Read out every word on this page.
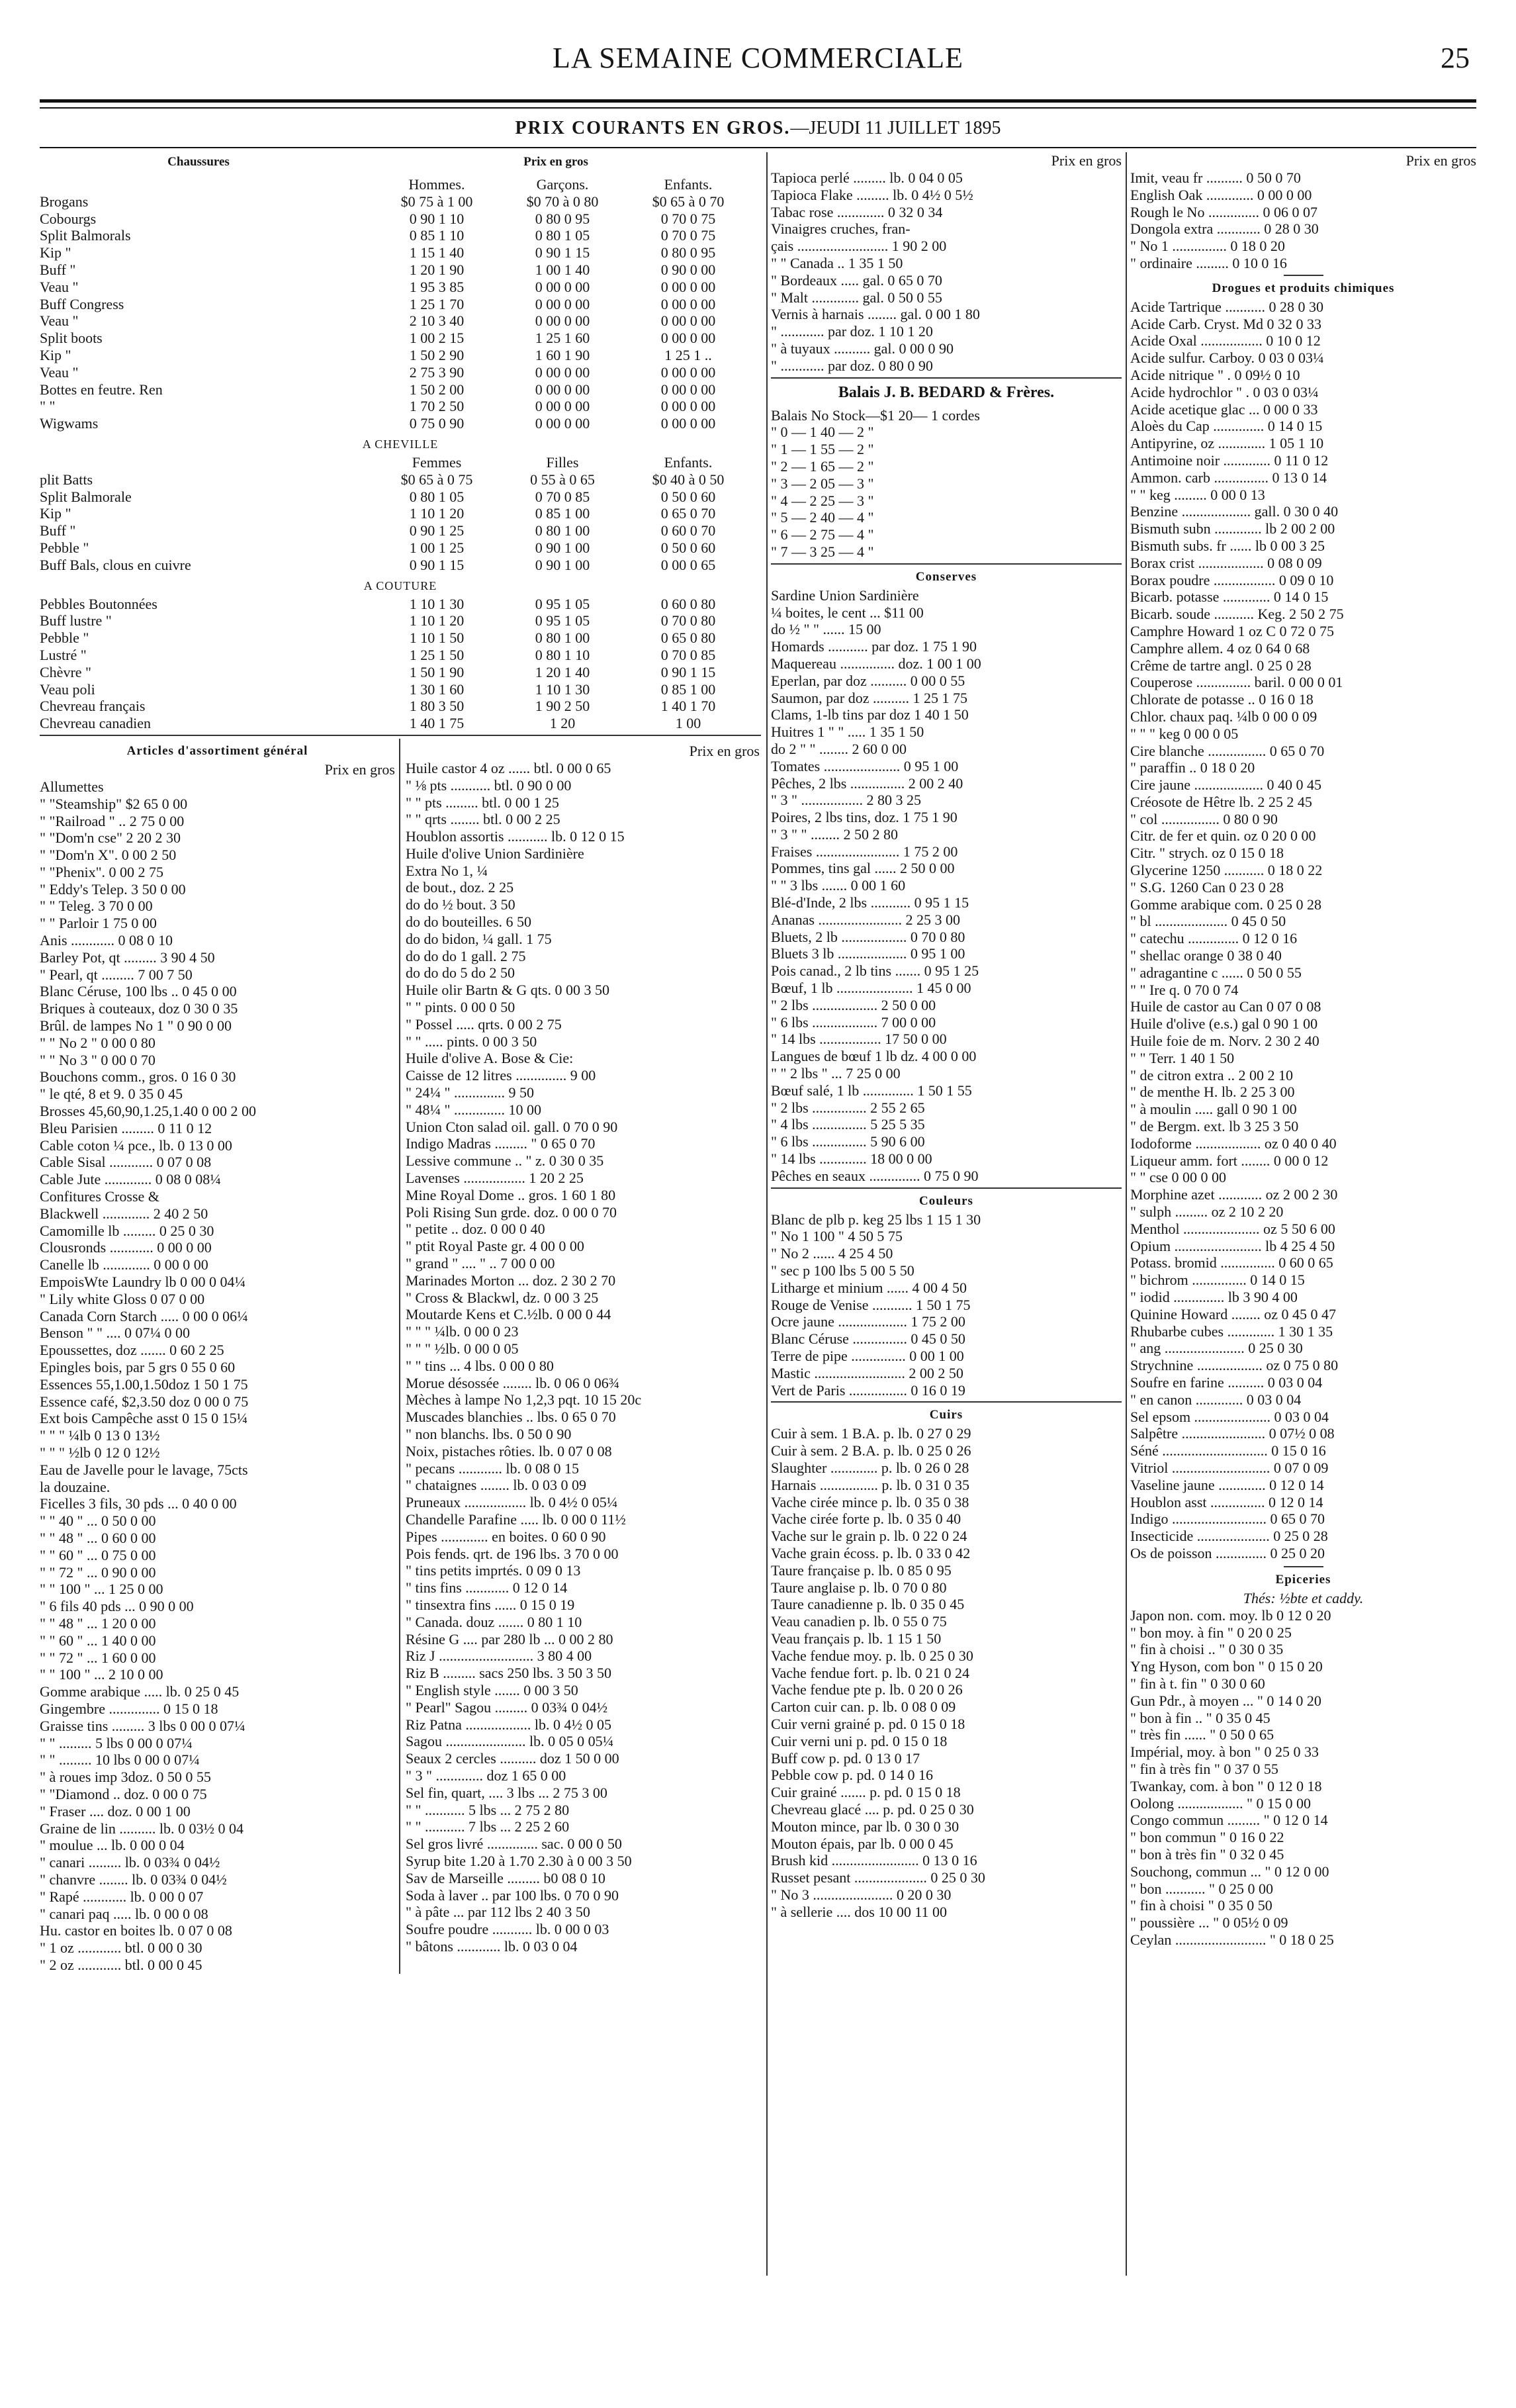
LA SEMAINE COMMERCIALE	25
PRIX COURANTS EN GROS.—JEUDI 11 JUILLET 1895
Chaussures	Prix en gros
Hommes.	Garçons.	Enfants.
Brogans	$0 75 à 1 00	$0 70 à 0 80	$0 65 à 0 70
Cobourgs	0 90 1 10	0 80 0 95	0 70 0 75
Split Balmorals	0 85 1 10	0 80 1 05	0 70 0 75
Kip "	1 15 1 40	0 90 1 15	0 80 0 95
Buff "	1 20 1 90	1 00 1 40	0 90 0 00
Veau "	1 95 3 85	0 00 0 00	0 00 0 00
Buff Congress	1 25 1 70	0 00 0 00	0 00 0 00
Veau "	2 10 3 40	0 00 0 00	0 00 0 00
Split boots	1 00 2 15	1 25 1 60	0 00 0 00
Kip "	1 50 2 90	1 60 1 90	1 25 1 ..
Veau "	2 75 3 90	0 00 0 00	0 00 0 00
Bottes en feutre. Ren	1 50 2 00	0 00 0 00	0 00 0 00
" "	1 70 2 50	0 00 0 00	0 00 0 00
Wigwams	0 75 0 90	0 00 0 00	0 00 0 00
A CHEVILLE
Femmes	Filles	Enfants.
plit Batts	$0 65 à 0 75	0 55 à 0 65	$0 40 à 0 50
Split Balmorale	0 80 1 05	0 70 0 85	0 50 0 60
Kip "	1 10 1 20	0 85 1 00	0 65 0 70
Buff "	0 90 1 25	0 80 1 00	0 60 0 70
Pebble "	1 00 1 25	0 90 1 00	0 50 0 60
Buff Bals, clous en cuivre	0 90 1 15	0 90 1 00	0 00 0 65
A COUTURE
Pebbles Boutonnées	1 10 1 30	0 95 1 05	0 60 0 80
Buff lustre "	1 10 1 20	0 95 1 05	0 70 0 80
Pebble "	1 10 1 50	0 80 1 00	0 65 0 80
Lustré "	1 25 1 50	0 80 1 10	0 70 0 85
Chèvre "	1 50 1 90	1 20 1 40	0 90 1 15
Veau poli	1 30 1 60	1 10 1 30	0 85 1 00
Chevreau français	1 80 3 50	1 90 2 50	1 40 1 70
Chevreau canadien	1 40 1 75	1 20	1 00
Articles d'assortiment général
Prix en gros
Allumettes
" "Steamship" $2 65 0 00
" "Railroad " .. 2 75 0 00
" "Dom'n cse" 2 20 2 30
" "Dom'n X". 0 00 2 50
" "Phenix". 0 00 2 75
" Eddy's Telep. 3 50 0 00
" " Teleg. 3 70 0 00
" " Parloir 1 75 0 00
Anis ............ 0 08 0 10
Barley Pot, qt ......... 3 90 4 50
" Pearl, qt ......... 7 00 7 50
Blanc Céruse, 100 lbs .. 0 45 0 00
Briques à couteaux, doz 0 30 0 35
Brûl. de lampes No 1 " 0 90 0 00
" " No 2 " 0 00 0 80
" " No 3 " 0 00 0 70
Bouchons comm., gros. 0 16 0 30
" le qté, 8 et 9. 0 35 0 45
Brosses 45,60,90,1.25,1.40 0 00 2 00
Bleu Parisien ......... 0 11 0 12
Cable coton ¼ pce., lb. 0 13 0 00
Cable Sisal ............ 0 07 0 08
Cable Jute ............. 0 08 0 08¼
Confitures Crosse &
Blackwell ............. 2 40 2 50
Camomille lb ......... 0 25 0 30
Clousronds ............ 0 00 0 00
Canelle lb ............. 0 00 0 00
EmpoisWte Laundry lb 0 00 0 04¼
" Lily white Gloss 0 07 0 00
Canada Corn Starch ..... 0 00 0 06¼
Benson " " .... 0 07¼ 0 00
Epoussettes, doz ....... 0 60 2 25
Epingles bois, par 5 grs 0 55 0 60
Essences 55,1.00,1.50doz 1 50 1 75
Essence café, $2,3.50 doz 0 00 0 75
Ext bois Campêche asst 0 15 0 15¼
" " " ¼lb 0 13 0 13½
" " " ½lb 0 12 0 12½
Eau de Javelle pour le lavage, 75cts
la douzaine.
Ficelles 3 fils, 30 pds ... 0 40 0 00
" " 40 " ... 0 50 0 00
" " 48 " ... 0 60 0 00
" " 60 " ... 0 75 0 00
" " 72 " ... 0 90 0 00
" " 100 " ... 1 25 0 00
" 6 fils 40 pds ... 0 90 0 00
" " 48 " ... 1 20 0 00
" " 60 " ... 1 40 0 00
" " 72 " ... 1 60 0 00
" " 100 " ... 2 10 0 00
Gomme arabique ..... lb. 0 25 0 45
Gingembre .............. 0 15 0 18
Graisse tins ......... 3 lbs 0 00 0 07¼
" " ......... 5 lbs 0 00 0 07¼
" " ......... 10 lbs 0 00 0 07¼
" à roues imp 3doz. 0 50 0 55
" "Diamond .. doz. 0 00 0 75
" Fraser .... doz. 0 00 1 00
Graine de lin .......... lb. 0 03½ 0 04
" moulue ... lb. 0 00 0 04
" canari ......... lb. 0 03¾ 0 04½
" chanvre ........ lb. 0 03¾ 0 04½
" Rapé ............ lb. 0 00 0 07
" canari paq ..... lb. 0 00 0 08
Hu. castor en boites lb. 0 07 0 08
" 1 oz ............ btl. 0 00 0 30
" 2 oz ............ btl. 0 00 0 45
Prix en gros
Huile castor 4 oz ...... btl. 0 00 0 65
" ⅛ pts ........... btl. 0 90 0 00
" " pts ......... btl. 0 00 1 25
" " qrts ........ btl. 0 00 2 25
Houblon assortis ........... lb. 0 12 0 15
Huile d'olive Union Sardinière
Extra No 1, ¼
de bout., doz. 2 25
do do ½ bout. 3 50
do do bouteilles. 6 50
do do bidon, ¼ gall. 1 75
do do do 1 gall. 2 75
do do do 5 do 2 50
Huile olir Bartn & G qts. 0 00 3 50
" " pints. 0 00 0 50
" Possel ..... qrts. 0 00 2 75
" " ..... pints. 0 00 3 50
Huile d'olive A. Bose & Cie:
Caisse de 12 litres .............. 9 00
" 24¼ " .............. 9 50
" 48¼ " .............. 10 00
Union Cton salad oil. gall. 0 70 0 90
Indigo Madras ......... " 0 65 0 70
Lessive commune .. " z. 0 30 0 35
Lavenses ................. 1 20 2 25
Mine Royal Dome .. gros. 1 60 1 80
Poli Rising Sun grde. doz. 0 00 0 70
" petite .. doz. 0 00 0 40
" ptit Royal Paste gr. 4 00 0 00
" grand " .... " .. 7 00 0 00
Marinades Morton ... doz. 2 30 2 70
" Cross & Blackwl, dz. 0 00 3 25
Moutarde Kens et C.½lb. 0 00 0 44
" " " ¼lb. 0 00 0 23
" " " ½lb. 0 00 0 05
" " tins ... 4 lbs. 0 00 0 80
Morue désossée ........ lb. 0 06 0 06¾
Mèches à lampe No 1,2,3 pqt. 10 15 20c
Muscades blanchies .. lbs. 0 65 0 70
" non blanchs. lbs. 0 50 0 90
Noix, pistaches rôties. lb. 0 07 0 08
" pecans ............ lb. 0 08 0 15
" chataignes ........ lb. 0 03 0 09
Pruneaux ................. lb. 0 4½ 0 05¼
Chandelle Parafine ..... lb. 0 00 0 11½
Pipes ............. en boites. 0 60 0 90
Pois fends. qrt. de 196 lbs. 3 70 0 00
" tins petits imprtés. 0 09 0 13
" tins fins ............ 0 12 0 14
" tinsextra fins ...... 0 15 0 19
" Canada. douz ....... 0 80 1 10
Résine G .... par 280 lb ... 0 00 2 80
Riz J .......................... 3 80 4 00
Riz B ......... sacs 250 lbs. 3 50 3 50
" English style ....... 0 00 3 50
" Pearl" Sagou ......... 0 03¾ 0 04½
Riz Patna .................. lb. 0 4½ 0 05
Sagou ...................... lb. 0 05 0 05¼
Seaux 2 cercles .......... doz 1 50 0 00
" 3 " ............. doz 1 65 0 00
Sel fin, quart, .... 3 lbs ... 2 75 3 00
" " ........... 5 lbs ... 2 75 2 80
" " ........... 7 lbs ... 2 25 2 60
Sel gros livré .............. sac. 0 00 0 50
Syrup bite 1.20 à 1.70 2.30 à 0 00 3 50
Sav de Marseille ......... b0 08 0 10
Soda à laver .. par 100 lbs. 0 70 0 90
" à pâte ... par 112 lbs 2 40 3 50
Soufre poudre ........... lb. 0 00 0 03
" bâtons ............ lb. 0 03 0 04
Prix en gros
Tapioca perlé ......... lb. 0 04 0 05
Tapioca Flake ......... lb. 0 4½ 0 5½
Tabac rose ............. 0 32 0 34
Vinaigres cruches, fran-
çais ......................... 1 90 2 00
" " Canada .. 1 35 1 50
" Bordeaux ..... gal. 0 65 0 70
" Malt ............. gal. 0 50 0 55
Vernis à harnais ........ gal. 0 00 1 80
" ............ par doz. 1 10 1 20
" à tuyaux .......... gal. 0 00 0 90
" ............ par doz. 0 80 0 90
Balais J. B. BEDARD & Frères.
Balais No Stock—$1 20— 1 cordes
" 0 — 1 40 — 2 "
" 1 — 1 55 — 2 "
" 2 — 1 65 — 2 "
" 3 — 2 05 — 3 "
" 4 — 2 25 — 3 "
" 5 — 2 40 — 4 "
" 6 — 2 75 — 4 "
" 7 — 3 25 — 4 "
Conserves
Sardine Union Sardinière
¼ boites, le cent ... $11 00
do ½ " " ...... 15 00
Homards ........... par doz. 1 75 1 90
Maquereau ............... doz. 1 00 1 00
Eperlan, par doz .......... 0 00 0 55
Saumon, par doz .......... 1 25 1 75
Clams, 1-lb tins par doz 1 40 1 50
Huitres 1 " " ..... 1 35 1 50
do 2 " " ........ 2 60 0 00
Tomates ..................... 0 95 1 00
Pêches, 2 lbs ............... 2 00 2 40
" 3 " ................. 2 80 3 25
Poires, 2 lbs tins, doz. 1 75 1 90
" 3 " " ........ 2 50 2 80
Fraises ....................... 1 75 2 00
Pommes, tins gal ...... 2 50 0 00
" " 3 lbs ....... 0 00 1 60
Blé-d'Inde, 2 lbs ........... 0 95 1 15
Ananas ....................... 2 25 3 00
Bluets, 2 lb .................. 0 70 0 80
Bluets 3 lb ................... 0 95 1 00
Pois canad., 2 lb tins ....... 0 95 1 25
Bœuf, 1 lb ..................... 1 45 0 00
" 2 lbs .................. 2 50 0 00
" 6 lbs .................. 7 00 0 00
" 14 lbs ................. 17 50 0 00
Langues de bœuf 1 lb dz. 4 00 0 00
" " 2 lbs " ... 7 25 0 00
Bœuf salé, 1 lb .............. 1 50 1 55
" 2 lbs ............... 2 55 2 65
" 4 lbs ............... 5 25 5 35
" 6 lbs ............... 5 90 6 00
" 14 lbs ............. 18 00 0 00
Pêches en seaux .............. 0 75 0 90
Couleurs
Blanc de plb p. keg 25 lbs 1 15 1 30
" No 1 100 " 4 50 5 75
" No 2 ...... 4 25 4 50
" sec p 100 lbs 5 00 5 50
Litharge et minium ...... 4 00 4 50
Rouge de Venise ........... 1 50 1 75
Ocre jaune ................... 1 75 2 00
Blanc Céruse ............... 0 45 0 50
Terre de pipe ............... 0 00 1 00
Mastic ......................... 2 00 2 50
Vert de Paris ................ 0 16 0 19
Cuirs
Cuir à sem. 1 B.A. p. lb. 0 27 0 29
Cuir à sem. 2 B.A. p. lb. 0 25 0 26
Slaughter ............. p. lb. 0 26 0 28
Harnais ................ p. lb. 0 31 0 35
Vache cirée mince p. lb. 0 35 0 38
Vache cirée forte p. lb. 0 35 0 40
Vache sur le grain p. lb. 0 22 0 24
Vache grain écoss. p. lb. 0 33 0 42
Taure française p. lb. 0 85 0 95
Taure anglaise p. lb. 0 70 0 80
Taure canadienne p. lb. 0 35 0 45
Veau canadien p. lb. 0 55 0 75
Veau français p. lb. 1 15 1 50
Vache fendue moy. p. lb. 0 25 0 30
Vache fendue fort. p. lb. 0 21 0 24
Vache fendue pte p. lb. 0 20 0 26
Carton cuir can. p. lb. 0 08 0 09
Cuir verni grainé p. pd. 0 15 0 18
Cuir verni uni p. pd. 0 15 0 18
Buff cow p. pd. 0 13 0 17
Pebble cow p. pd. 0 14 0 16
Cuir grainé ....... p. pd. 0 15 0 18
Chevreau glacé .... p. pd. 0 25 0 30
Mouton mince, par lb. 0 30 0 30
Mouton épais, par lb. 0 00 0 45
Brush kid ........................ 0 13 0 16
Russet pesant .................... 0 25 0 30
" No 3 ...................... 0 20 0 30
" à sellerie .... dos 10 00 11 00
Prix en gros
Imit, veau fr .......... 0 50 0 70
English Oak ............. 0 00 0 00
Rough le No .............. 0 06 0 07
Dongola extra ............ 0 28 0 30
" No 1 ............... 0 18 0 20
" ordinaire ......... 0 10 0 16
Drogues et produits chimiques
Acide Tartrique ........... 0 28 0 30
Acide Carb. Cryst. Md 0 32 0 33
Acide Oxal ................. 0 10 0 12
Acide sulfur. Carboy. 0 03 0 03¼
Acide nitrique " . 0 09½ 0 10
Acide hydrochlor " . 0 03 0 03¼
Acide acetique glac ... 0 00 0 33
Aloès du Cap .............. 0 14 0 15
Antipyrine, oz ............. 1 05 1 10
Antimoine noir ............. 0 11 0 12
Ammon. carb ............... 0 13 0 14
" " keg ......... 0 00 0 13
Benzine ................... gall. 0 30 0 40
Bismuth subn ............. lb 2 00 2 00
Bismuth subs. fr ...... lb 0 00 3 25
Borax crist .................. 0 08 0 09
Borax poudre ................. 0 09 0 10
Bicarb. potasse ............. 0 14 0 15
Bicarb. soude ........... Keg. 2 50 2 75
Camphre Howard 1 oz C 0 72 0 75
Camphre allem. 4 oz 0 64 0 68
Crême de tartre angl. 0 25 0 28
Couperose ............... baril. 0 00 0 01
Chlorate de potasse .. 0 16 0 18
Chlor. chaux paq. ¼lb 0 00 0 09
" " " keg 0 00 0 05
Cire blanche ................ 0 65 0 70
" paraffin .. 0 18 0 20
Cire jaune ................... 0 40 0 45
Créosote de Hêtre lb. 2 25 2 45
" col ................ 0 80 0 90
Citr. de fer et quin. oz 0 20 0 00
Citr. " strych. oz 0 15 0 18
Glycerine 1250 ........... 0 18 0 22
" S.G. 1260 Can 0 23 0 28
Gomme arabique com. 0 25 0 28
" bl .................... 0 45 0 50
" catechu .............. 0 12 0 16
" shellac orange 0 38 0 40
" adragantine c ...... 0 50 0 55
" " Ire q. 0 70 0 74
Huile de castor au Can 0 07 0 08
Huile d'olive (e.s.) gal 0 90 1 00
Huile foie de m. Norv. 2 30 2 40
" " Terr. 1 40 1 50
" de citron extra .. 2 00 2 10
" de menthe H. lb. 2 25 3 00
" à moulin ..... gall 0 90 1 00
" de Bergm. ext. lb 3 25 3 50
Iodoforme .................. oz 0 40 0 40
Liqueur amm. fort ........ 0 00 0 12
" " cse 0 00 0 00
Morphine azet ............ oz 2 00 2 30
" sulph ......... oz 2 10 2 20
Menthol ..................... oz 5 50 6 00
Opium ........................ lb 4 25 4 50
Potass. bromid ............... 0 60 0 65
" bichrom ............... 0 14 0 15
" iodid .............. lb 3 90 4 00
Quinine Howard ........ oz 0 45 0 47
Rhubarbe cubes ............. 1 30 1 35
" ang ...................... 0 25 0 30
Strychnine .................. oz 0 75 0 80
Soufre en farine .......... 0 03 0 04
" en canon ............. 0 03 0 04
Sel epsom ..................... 0 03 0 04
Salpêtre ....................... 0 07½ 0 08
Séné ............................. 0 15 0 16
Vitriol ........................... 0 07 0 09
Vaseline jaune ............. 0 12 0 14
Houblon asst ............... 0 12 0 14
Indigo .......................... 0 65 0 70
Insecticide .................... 0 25 0 28
Os de poisson .............. 0 25 0 20
Epiceries
Thés: ½bte et caddy.
Japon non. com. moy. lb 0 12 0 20
" bon moy. à fin " 0 20 0 25
" fin à choisi .. " 0 30 0 35
Yng Hyson, com bon " 0 15 0 20
" fin à t. fin " 0 30 0 60
Gun Pdr., à moyen ... " 0 14 0 20
" bon à fin .. " 0 35 0 45
" très fin ...... " 0 50 0 65
Impérial, moy. à bon " 0 25 0 33
" fin à très fin " 0 37 0 55
Twankay, com. à bon " 0 12 0 18
Oolong .................. " 0 15 0 00
Congo commun ......... " 0 12 0 14
" bon commun " 0 16 0 22
" bon à très fin " 0 32 0 45
Souchong, commun ... " 0 12 0 00
" bon ........... " 0 25 0 00
" fin à choisi " 0 35 0 50
" poussière ... " 0 05½ 0 09
Ceylan ......................... " 0 18 0 25
